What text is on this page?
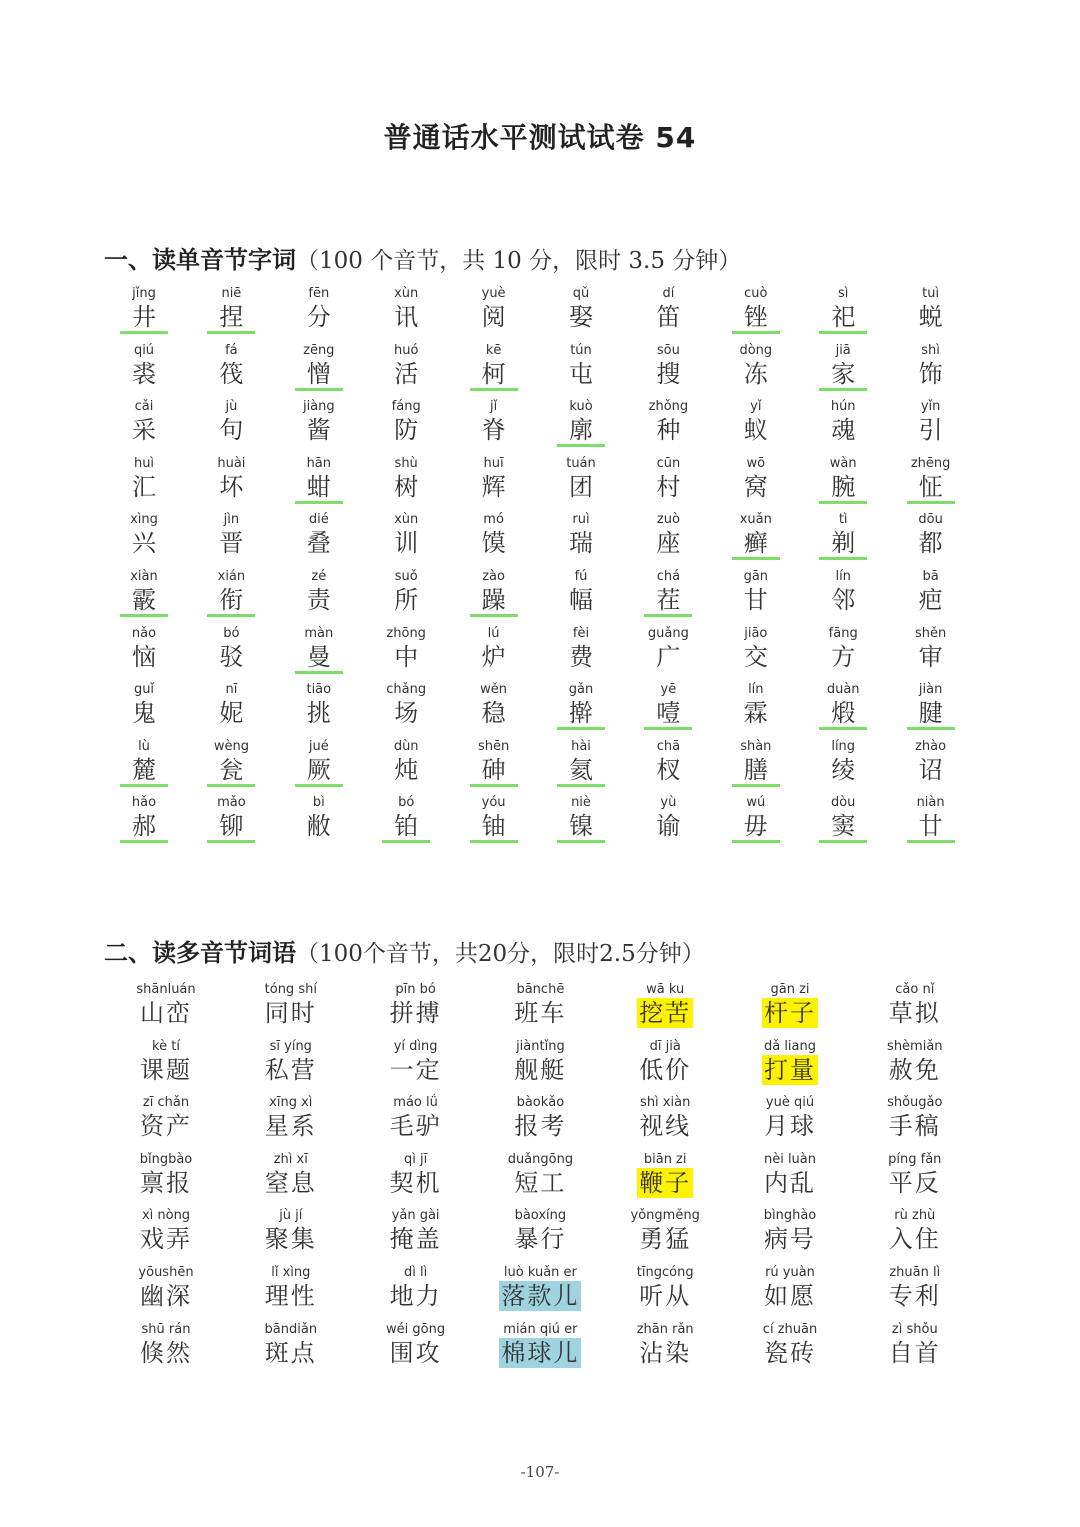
普通话水平测试试卷 54
一、读单音节字词（100 个音节，共 10 分，限时 3.5 分钟）
jǐng
井
niē
捏
fēn
分
xùn
讯
yuè
阅
qǔ
娶
dí
笛
cuò
锉
sì
祀
tuì
蜕
qiú
裘
fá
筏
zēng
憎
huó
活
kē
柯
tún
屯
sōu
搜
dòng
冻
jiā
家
shì
饰
cǎi
采
jù
句
jiàng
酱
fáng
防
jǐ
脊
kuò
廓
zhǒng
种
yǐ
蚁
hún
魂
yǐn
引
huì
汇
huài
坏
hān
蚶
shù
树
huī
辉
tuán
团
cūn
村
wō
窝
wàn
腕
zhēng
怔
xìng
兴
jìn
晋
dié
叠
xùn
训
mó
馍
ruì
瑞
zuò
座
xuǎn
癣
tì
剃
dōu
都
xiàn
霰
xián
衔
zé
责
suǒ
所
zào
躁
fú
幅
chá
茬
gān
甘
lín
邻
bā
疤
nǎo
恼
bó
驳
màn
曼
zhōng
中
lú
炉
fèi
费
guǎng
广
jiāo
交
fāng
方
shěn
审
guǐ
鬼
nī
妮
tiāo
挑
chǎng
场
wěn
稳
gǎn
擀
yē
噎
lín
霖
duàn
煅
jiàn
腱
lù
麓
wèng
瓮
jué
厥
dùn
炖
shēn
砷
hài
氦
chā
杈
shàn
膳
líng
绫
zhào
诏
hǎo
郝
mǎo
铆
bì
敝
bó
铂
yóu
铀
niè
镍
yù
谕
wú
毋
dòu
窦
niàn
廿
二、读多音节词语（100个音节，共20分，限时2.5分钟）
shānluán
山峦
tóng shí
同时
pīn bó
拼搏
bānchē
班车
wā ku
挖苦
gān zi
杆子
cǎo nǐ
草拟
kè tí
课题
sī yíng
私营
yí dìng
一定
jiàntǐng
舰艇
dī jià
低价
dǎ liang
打量
shèmiǎn
赦免
zī chǎn
资产
xīng xì
星系
máo lǘ
毛驴
bàokǎo
报考
shì xiàn
视线
yuè qiú
月球
shǒugǎo
手稿
bǐngbào
禀报
zhì xī
窒息
qì jī
契机
duǎngōng
短工
biān zi
鞭子
nèi luàn
内乱
píng fǎn
平反
xì nòng
戏弄
jù jí
聚集
yǎn gài
掩盖
bàoxíng
暴行
yǒngměng
勇猛
bìnghào
病号
rù zhù
入住
yōushēn
幽深
lǐ xìng
理性
dì lì
地力
luò kuǎn er
落款儿
tīngcóng
听从
rú yuàn
如愿
zhuān lì
专利
shū rán
倏然
bāndiǎn
斑点
wéi gōng
围攻
mián qiú er
棉球儿
zhān rǎn
沾染
cí zhuān
瓷砖
zì shǒu
自首
-107-
